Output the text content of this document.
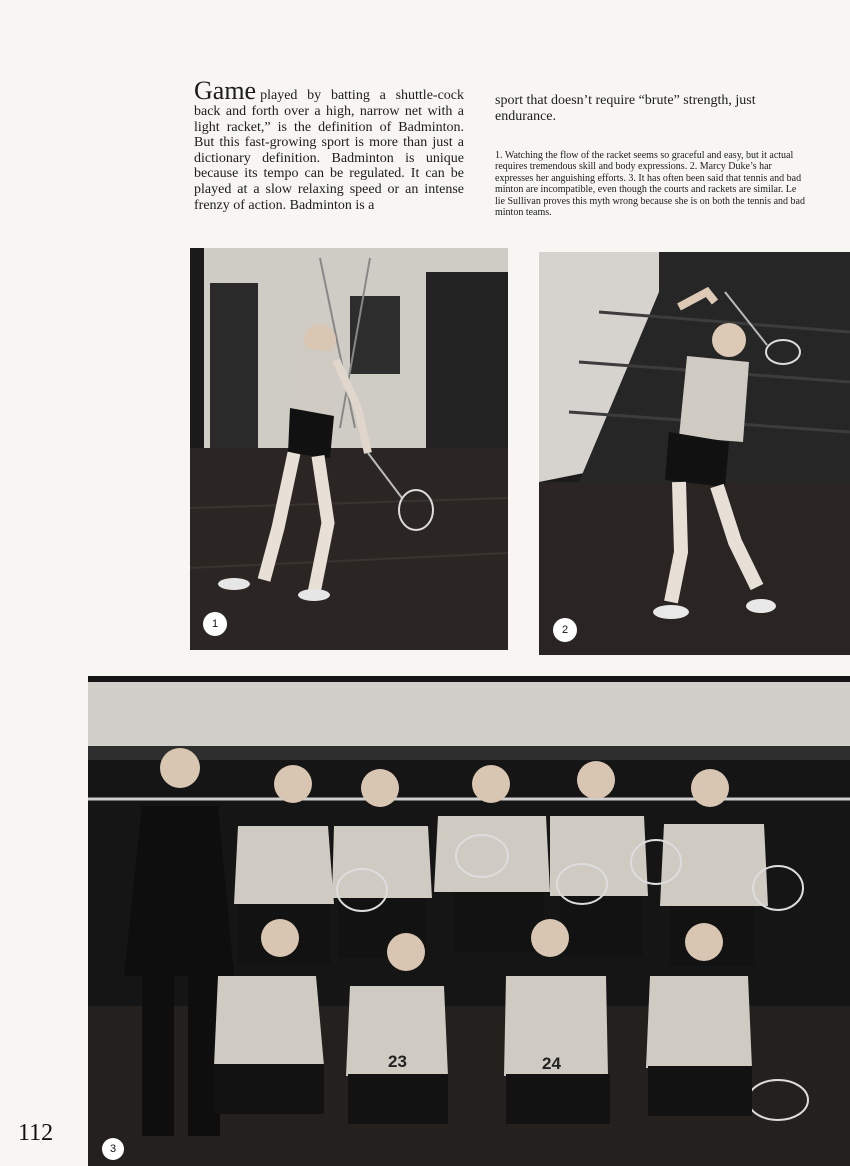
Game played by batting a shuttle-cock back and forth over a high, narrow net with a light racket,” is the definition of Badminton. But this fast-growing sport is more than just a dictionary definition. Badminton is unique because its tempo can be regulated. It can be played at a slow relaxing speed or an intense frenzy of action. Badminton is a
sport that doesn’t require “brute” strength, just endurance.
1. Watching the flow of the racket seems so graceful and easy, but it actual
requires tremendous skill and body expressions. 2. Marcy Duke’s har
expresses her anguishing efforts. 3. It has often been said that tennis and bad
minton are incompatible, even though the courts and rackets are similar. Le
lie Sullivan proves this myth wrong because she is on both the tennis and bad
minton teams.
1	2
23	24
3
112
